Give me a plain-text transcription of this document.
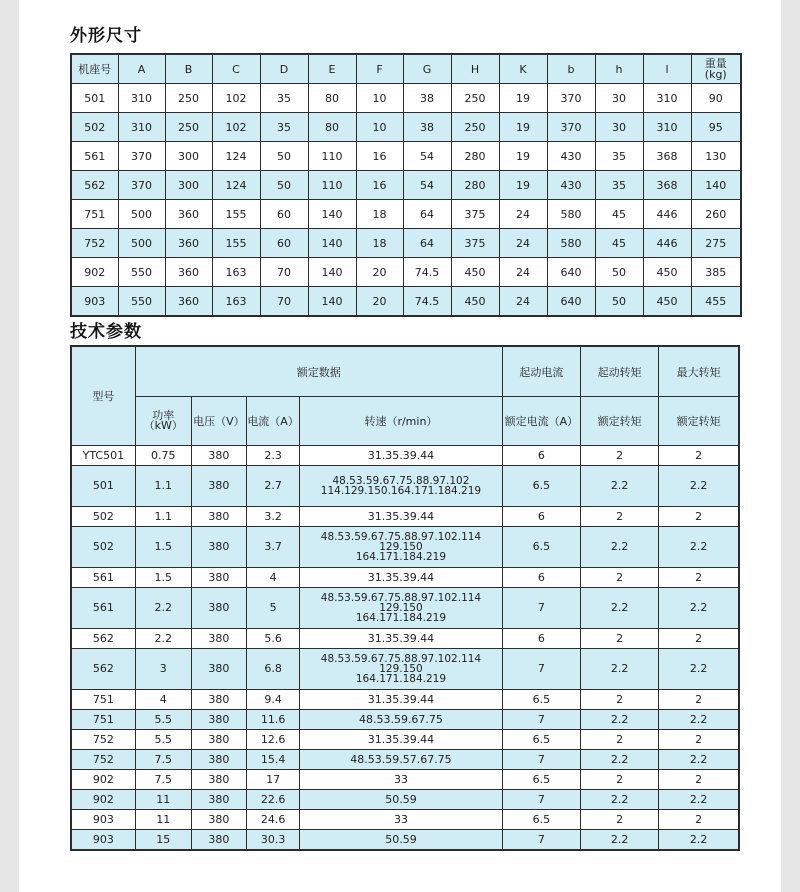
外形尺寸
机座号	A	B	C	D	E	F	G	H	K	b	h	l	重量
(kg)
501	310	250	102	35	80	10	38	250	19	370	30	310	90
502	310	250	102	35	80	10	38	250	19	370	30	310	95
561	370	300	124	50	110	16	54	280	19	430	35	368	130
562	370	300	124	50	110	16	54	280	19	430	35	368	140
751	500	360	155	60	140	18	64	375	24	580	45	446	260
752	500	360	155	60	140	18	64	375	24	580	45	446	275
902	550	360	163	70	140	20	74.5	450	24	640	50	450	385
903	550	360	163	70	140	20	74.5	450	24	640	50	450	455
技术参数
型号	额定数据				起动电流	起动转矩	最大转矩
	功率
（kW）	电压（V）	电流（A）	转速（r/min）	额定电流（A）	额定转矩	额定转矩
YTC501	0.75	380	2.3	31.35.39.44	6	2	2
501	1.1	380	2.7	48.53.59.67.75.88.97.102
114.129.150.164.171.184.219	6.5	2.2	2.2
502	1.1	380	3.2	31.35.39.44	6	2	2
502	1.5	380	3.7	48.53.59.67.75.88.97.102.114
129.150
164.171.184.219	6.5	2.2	2.2
561	1.5	380	4	31.35.39.44	6	2	2
561	2.2	380	5	48.53.59.67.75.88.97.102.114
129.150
164.171.184.219	7	2.2	2.2
562	2.2	380	5.6	31.35.39.44	6	2	2
562	3	380	6.8	48.53.59.67.75.88.97.102.114
129.150
164.171.184.219	7	2.2	2.2
751	4	380	9.4	31.35.39.44	6.5	2	2
751	5.5	380	11.6	48.53.59.67.75	7	2.2	2.2
752	5.5	380	12.6	31.35.39.44	6.5	2	2
752	7.5	380	15.4	48.53.59.57.67.75	7	2.2	2.2
902	7.5	380	17	33	6.5	2	2
902	11	380	22.6	50.59	7	2.2	2.2
903	11	380	24.6	33	6.5	2	2
903	15	380	30.3	50.59	7	2.2	2.2
